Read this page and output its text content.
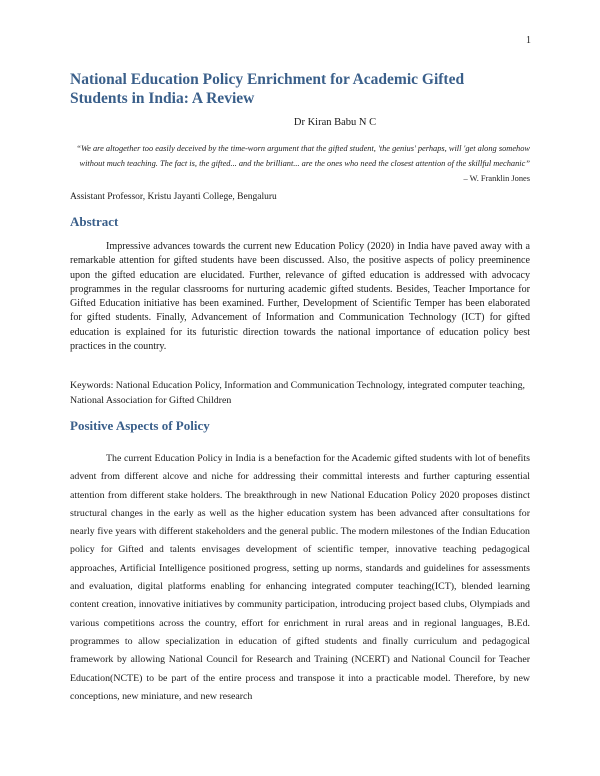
1
National Education Policy Enrichment for Academic Gifted Students in India: A Review
Dr Kiran Babu N C

“We are altogether too easily deceived by the time-worn argument that the gifted student, 'the genius' perhaps, will 'get along somehow without much teaching. The fact is, the gifted... and the brilliant... are the ones who need the closest attention of the skillful mechanic” – W. Franklin Jones

Assistant Professor, Kristu Jayanti College, Bengaluru
Abstract

Impressive advances towards the current new Education Policy (2020) in India have paved away with a remarkable attention for gifted students have been discussed. Also, the positive aspects of policy preeminence upon the gifted education are elucidated. Further, relevance of gifted education is addressed with advocacy programmes in the regular classrooms for nurturing academic gifted students. Besides, Teacher Importance for Gifted Education initiative has been examined. Further, Development of Scientific Temper has been elaborated for gifted students. Finally, Advancement of Information and Communication Technology (ICT) for gifted education is explained for its futuristic direction towards the national importance of education policy best practices in the country.

Keywords: National Education Policy, Information and Communication Technology, integrated computer teaching, National Association for Gifted Children

Positive Aspects of Policy

The current Education Policy in India is a benefaction for the Academic gifted students with lot of benefits advent from different alcove and niche for addressing their committal interests and further capturing essential attention from different stake holders. The breakthrough in new National Education Policy 2020 proposes distinct structural changes in the early as well as the higher education system has been advanced after consultations for nearly five years with different stakeholders and the general public. The modern milestones of the Indian Education policy for Gifted and talents envisages development of scientific temper, innovative teaching pedagogical approaches, Artificial Intelligence positioned progress, setting up norms, standards and guidelines for assessments and evaluation, digital platforms enabling for enhancing integrated computer teaching(ICT), blended learning content creation, innovative initiatives by community participation, introducing project based clubs, Olympiads and various competitions across the country, effort for enrichment in rural areas and in regional languages, B.Ed. programmes to allow specialization in education of gifted students and finally curriculum and pedagogical framework by allowing National Council for Research and Training (NCERT) and National Council for Teacher Education(NCTE) to be part of the entire process and transpose it into a practicable model. Therefore, by new conceptions, new miniature, and new research
